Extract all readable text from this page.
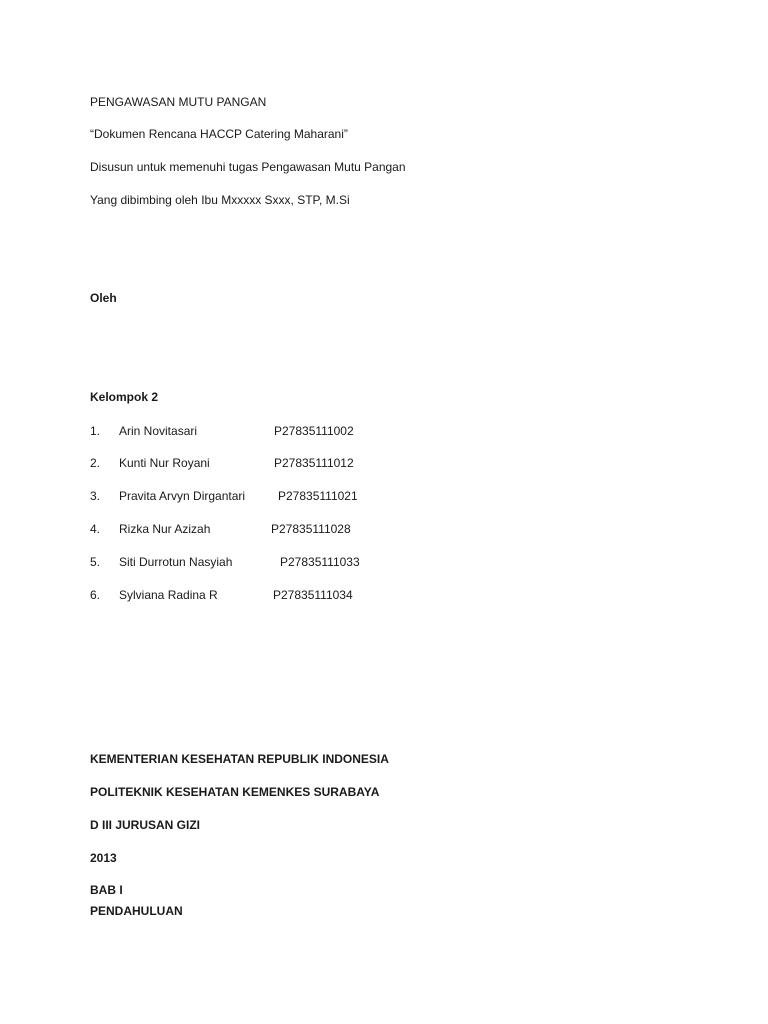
PENGAWASAN MUTU PANGAN
“Dokumen Rencana HACCP Catering Maharani”
Disusun untuk memenuhi tugas Pengawasan Mutu Pangan
Yang dibimbing oleh Ibu Mxxxxx Sxxx, STP, M.Si
Oleh
Kelompok 2
1. Arin Novitasari	P27835111002
2. Kunti Nur Royani	P27835111012
3. Pravita Arvyn Dirgantari	P27835111021
4. Rizka Nur Azizah	P27835111028
5. Siti Durrotun Nasyiah	P27835111033
6. Sylviana Radina R	P27835111034
KEMENTERIAN KESEHATAN REPUBLIK INDONESIA
POLITEKNIK KESEHATAN KEMENKES SURABAYA
D III JURUSAN GIZI
2013
BAB I
PENDAHULUAN
